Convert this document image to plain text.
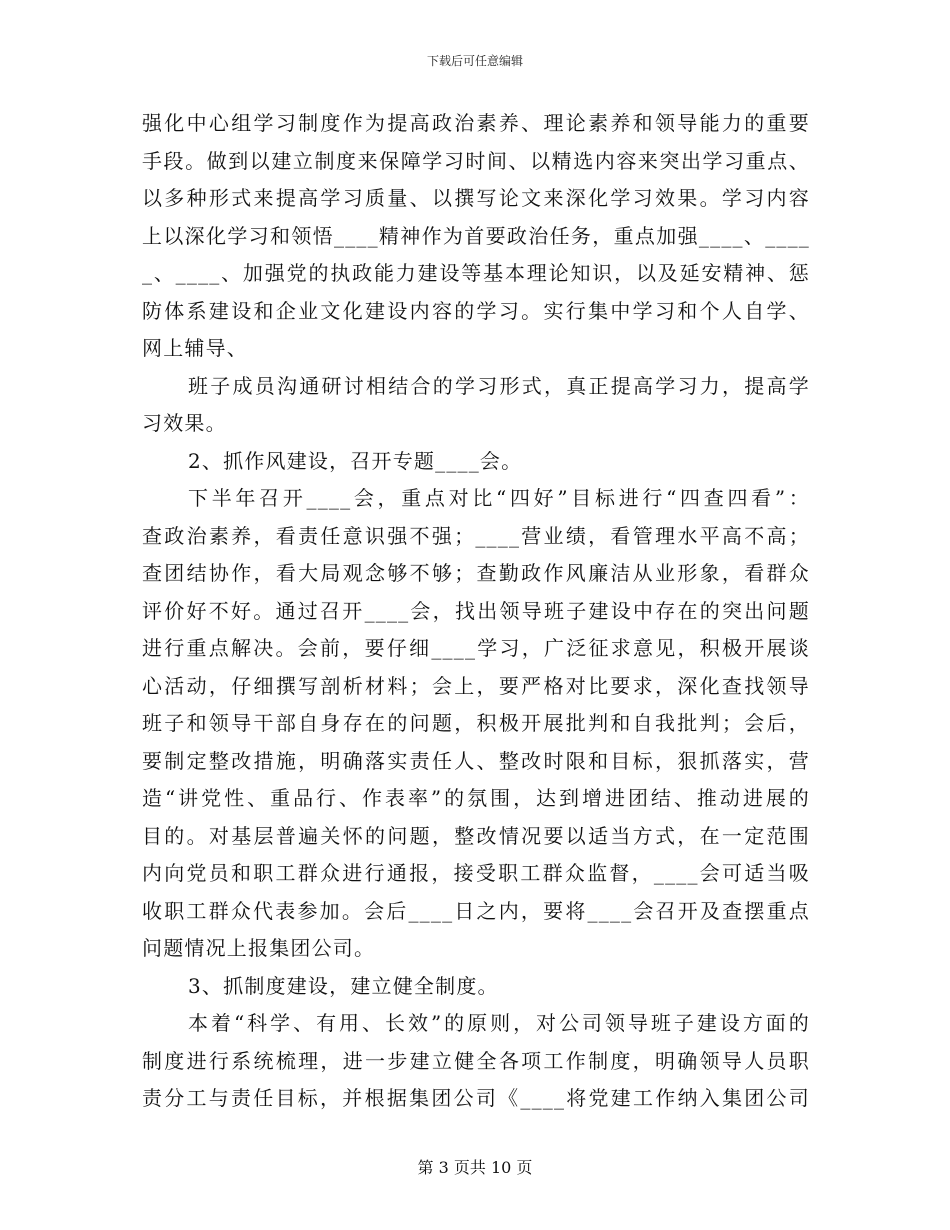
下载后可任意编辑
强化中心组学习制度作为提高政治素养、理论素养和领导能力的重要
手段。做到以建立制度来保障学习时间、以精选内容来突出学习重点、
以多种形式来提高学习质量、以撰写论文来深化学习效果。学习内容
上以深化学习和领悟____精神作为首要政治任务，重点加强____、____
_、____、加强党的执政能力建设等基本理论知识，以及延安精神、惩
防体系建设和企业文化建设内容的学习。实行集中学习和个人自学、
网上辅导、
班子成员沟通研讨相结合的学习形式，真正提高学习力，提高学
习效果。
2、抓作风建设，召开专题____会。
下半年召开____会，重点对比“四好”目标进行“四查四看”：
查政治素养，看责任意识强不强；____营业绩，看管理水平高不高；
查团结协作，看大局观念够不够；查勤政作风廉洁从业形象，看群众
评价好不好。通过召开____会，找出领导班子建设中存在的突出问题
进行重点解决。会前，要仔细____学习，广泛征求意见，积极开展谈
心活动，仔细撰写剖析材料；会上，要严格对比要求，深化查找领导
班子和领导干部自身存在的问题，积极开展批判和自我批判；会后，
要制定整改措施，明确落实责任人、整改时限和目标，狠抓落实，营
造“讲党性、重品行、作表率”的氛围，达到增进团结、推动进展的
目的。对基层普遍关怀的问题，整改情况要以适当方式，在一定范围
内向党员和职工群众进行通报，接受职工群众监督，____会可适当吸
收职工群众代表参加。会后____日之内，要将____会召开及查摆重点
问题情况上报集团公司。
3、抓制度建设，建立健全制度。
本着“科学、有用、长效”的原则，对公司领导班子建设方面的
制度进行系统梳理，进一步建立健全各项工作制度，明确领导人员职
责分工与责任目标，并根据集团公司《____将党建工作纳入集团公司
第 3 页共 10 页
